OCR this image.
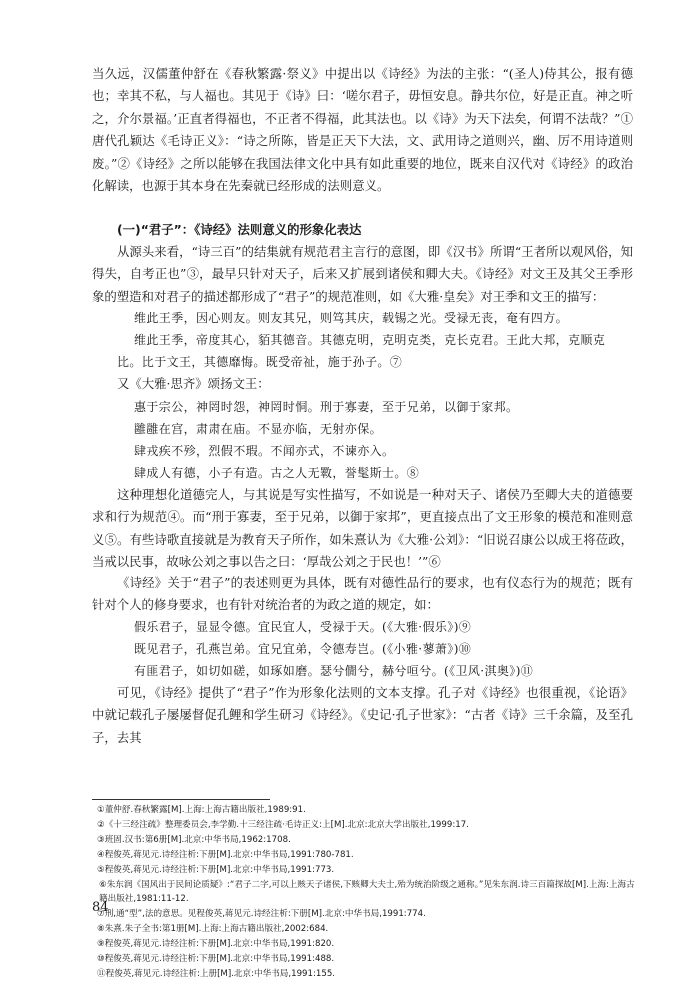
当久远，汉儒董仲舒在《春秋繁露·祭义》中提出以《诗经》为法的主张：“(圣人)侍其公，报有德也；幸其不私，与人福也。其见于《诗》曰：‘嗟尔君子，毋恒安息。静共尔位，好是正直。神之听之，介尔景福。’正直者得福也，不正者不得福，此其法也。以《诗》为天下法矣，何谓不法哉？”①唐代孔颖达《毛诗正义》：“诗之所陈，皆是正天下大法，文、武用诗之道则兴，幽、厉不用诗道则废。”②《诗经》之所以能够在我国法律文化中具有如此重要的地位，既来自汉代对《诗经》的政治化解读，也源于其本身在先秦就已经形成的法则意义。

(一)“君子”：《诗经》法则意义的形象化表达

从源头来看，“诗三百”的结集就有规范君主言行的意图，即《汉书》所谓“王者所以观风俗，知得失，自考正也”③，最早只针对天子，后来又扩展到诸侯和卿大夫。《诗经》对文王及其父王季形象的塑造和对君子的描述都形成了“君子”的规范准则，如《大雅·皇矣》对王季和文王的描写：

维此王季，因心则友。则友其兄，则笃其庆，载锡之光。受禄无丧，奄有四方。

维此王季，帝度其心，貊其德音。其德克明，克明克类，克长克君。王此大邦，克顺克

比。比于文王，其德靡悔。既受帝祉，施于孙子。⑦

又《大雅·思齐》颂扬文王：

惠于宗公，神罔时怨，神罔时恫。刑于寡妻，至于兄弟，以御于家邦。

雝雝在宫，肃肃在庙。不显亦临，无射亦保。

肆戎疾不殄，烈假不瑕。不闻亦式，不谏亦入。

肆成人有德，小子有造。古之人无斁，誉髦斯士。⑧

这种理想化道德完人，与其说是写实性描写，不如说是一种对天子、诸侯乃至卿大夫的道德要求和行为规范④。而“刑于寡妻，至于兄弟，以御于家邦”，更直接点出了文王形象的模范和准则意义⑤。有些诗歌直接就是为教育天子所作，如朱熹认为《大雅·公刘》：“旧说召康公以成王将莅政，当戒以民事，故咏公刘之事以告之曰：‘厚哉公刘之于民也！’”⑥

《诗经》关于“君子”的表述则更为具体，既有对德性品行的要求，也有仪态行为的规范；既有针对个人的修身要求，也有针对统治者的为政之道的规定，如：

假乐君子，显显令德。宜民宜人，受禄于天。(《大雅·假乐》)⑨

既见君子，孔燕岂弟。宜兄宜弟，令德寿岂。(《小雅·蓼萧》)⑩

有匪君子，如切如磋，如琢如磨。瑟兮僩兮，赫兮咺兮。(《卫风·淇奥》)⑪

可见，《诗经》提供了“君子”作为形象化法则的文本支撑。孔子对《诗经》也很重视，《论语》中就记载孔子屡屡督促孔鲤和学生研习《诗经》。《史记·孔子世家》：“古者《诗》三千余篇，及至孔子，去其

①董仲舒.春秋繁露[M].上海:上海古籍出版社,1989:91.

②《十三经注疏》整理委员会,李学勤.十三经注疏·毛诗正义:上[M].北京:北京大学出版社,1999:17.

③班固.汉书:第6册[M].北京:中华书局,1962:1708.

④程俊英,蒋见元.诗经注析:下册[M].北京:中华书局,1991:780-781.

⑤程俊英,蒋见元.诗经注析:下册[M].北京:中华书局,1991:773.

⑥朱东润《国风出于民间论质疑》:“君子二字,可以上赅天子诸侯,下赅卿大夫士,殆为统治阶级之通称。”见朱东润.诗三百篇探故[M].上海:上海古籍出版社,1981:11-12.

⑦刑,通“型”,法的意思。见程俊英,蒋见元.诗经注析:下册[M].北京:中华书局,1991:774.

⑧朱熹.朱子全书:第1册[M].上海:上海古籍出版社,2002:684.

⑨程俊英,蒋见元.诗经注析:下册[M].北京:中华书局,1991:820.

⑩程俊英,蒋见元.诗经注析:下册[M].北京:中华书局,1991:488.

⑪程俊英,蒋见元.诗经注析:上册[M].北京:中华书局,1991:155.

84
